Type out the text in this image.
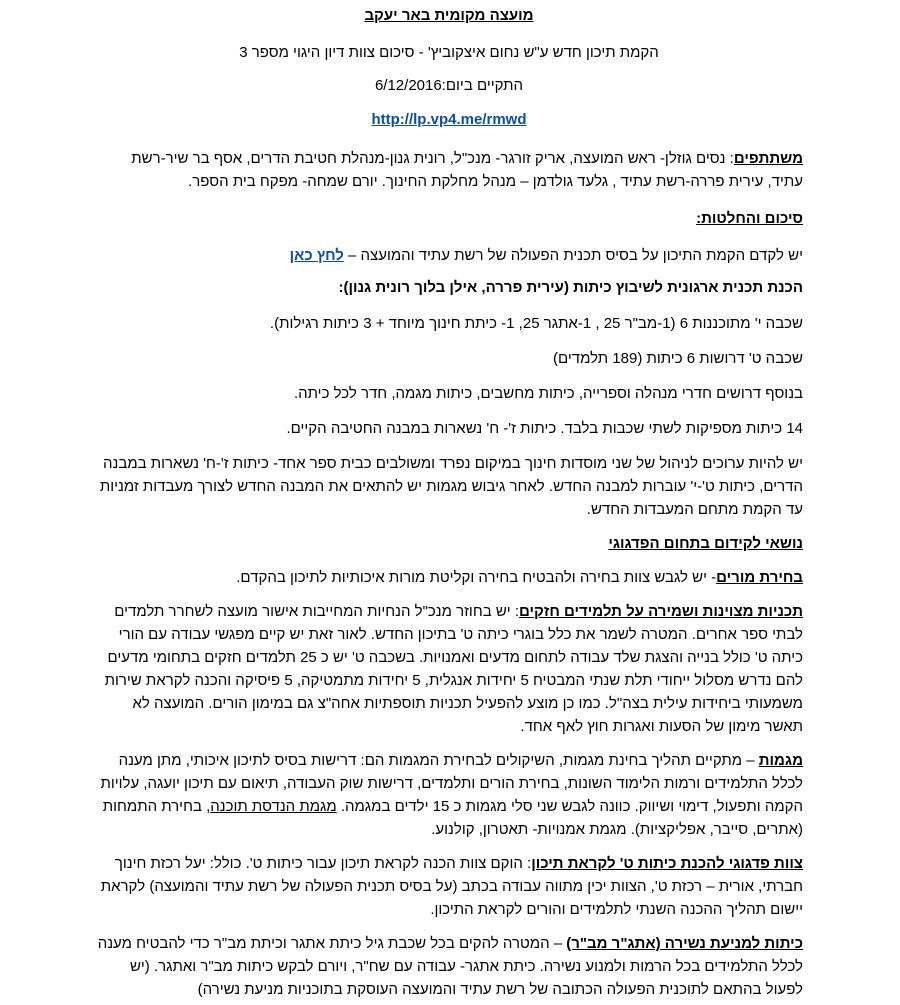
מועצה מקומית באר יעקב

הקמת תיכון חדש ע"ש נחום איצקוביץ' - סיכום צוות דיון היגוי מספר 3

התקיים ביום:6/12/2016

http://lp.vp4.me/rmwd

משתתפים: נסים גוזלן- ראש המועצה, אריק זורגר- מנכ"ל, רונית גנון-מנהלת חטיבת הדרים, אסף בר שיר-רשת עתיד, עירית פררה-רשת עתיד , גלעד גולדמן – מנהל מחלקת החינוך. יורם שמחה- מפקח בית הספר.

סיכום והחלטות:

יש לקדם הקמת התיכון על בסיס תכנית הפעולה של רשת עתיד והמועצה – לחץ כאן

הכנת תכנית ארגונית לשיבוץ כיתות (עירית פררה, אילן בלוך רונית גנון):

שכבה י' מתוכננות 6 (1-מב"ר 25 , 1-אתגר 25, 1- כיתת חינוך מיוחד + 3 כיתות רגילות).

שכבה ט' דרושות 6 כיתות (189 תלמדים)

בנוסף דרושים חדרי מנהלה וספרייה, כיתות מחשבים, כיתות מגמה, חדר לכל כיתה.

14 כיתות מספיקות לשתי שכבות בלבד. כיתות ז'- ח' נשארות במבנה החטיבה הקיים.

יש להיות ערוכים לניהול של שני מוסדות חינוך במיקום נפרד ומשולבים כבית ספר אחד- כיתות ז'-ח' נשארות במבנה הדרים, כיתות ט'-י' עוברות למבנה החדש. לאחר גיבוש מגמות יש להתאים את המבנה החדש לצורך מעבדות זמניות עד הקמת מתחם המעבדות החדש.

נושאי לקידום בתחום הפדגוגי

בחירת מורים- יש לגבש צוות בחירה ולהבטיח בחירה וקליטת מורות איכותיות לתיכון בהקדם.

תכניות מצוינות ושמירה על תלמידים חזקים: יש בחוזר מנכ"ל הנחיות המחייבות אישור מועצה לשחרר תלמדים לבתי ספר אחרים. המטרה לשמר את כלל בוגרי כיתה ט' בתיכון החדש. לאור זאת יש קיים מפגשי עבודה עם הורי כיתה ט' כולל בנייה והצגת שלד עבודה לתחום מדעים ואמנויות. בשכבה ט' יש כ 25 תלמדים חזקים בתחומי מדעים להם נדרש מסלול ייחודי תלת שנתי המבטיח 5 יחידות אנגלית, 5 יחידות מתמטיקה, 5 פיסיקה והכנה לקראת שירות משמעותי ביחידות עילית בצה"ל. כמו כן מוצע להפעיל תכניות תוספתיות אחה"צ גם במימון הורים. המועצה לא תאשר מימון של הסעות ואגרות חוץ לאף אחד.

מגמות – מתקיים תהליך בחינת מגמות, השיקולים לבחירת המגמות הם: דרישות בסיס לתיכון איכותי, מתן מענה לכלל התלמידים ורמות הלימוד השונות, בחירת הורים ותלמדים, דרישות שוק העבודה, תיאום עם תיכון יועגה, עלויות הקמה ותפעול, דימוי ושיווק. כוונה לגבש שני סלי מגמות כ 15 ילדים במגמה. מגמת הנדסת תוכנה, בחירת התמחות (אתרים, סייבר, אפליקציות). מגמת אמנויות- תאטרון, קולנוע.

צוות פדגוגי להכנת כיתות ט' לקראת תיכון: הוקם צוות הכנה לקראת תיכון עבור כיתות ט'. כולל: יעל רכזת חינוך חברתי, אורית – רכזת ט', הצוות יכין מתווה עבודה בכתב (על בסיס תכנית הפעולה של רשת עתיד והמועצה) לקראת יישום תהליך ההכנה השנתי לתלמידים והורים לקראת התיכון.

כיתות למניעת נשירה (אתג"ר מב"ר) – המטרה להקים בכל שכבת גיל כיתת אתגר וכיתת מב"ר כדי להבטיח מענה לכלל התלמידים בכל הרמות ולמנוע נשירה. כיתת אתגר- עבודה עם שח"ר, ויורם לבקש כיתות מב"ר ואתגר. (יש לפעול בהתאם לתוכנית הפעולה הכתובה של רשת עתיד והמועצה העוסקת בתוכניות מניעת נשירה)
